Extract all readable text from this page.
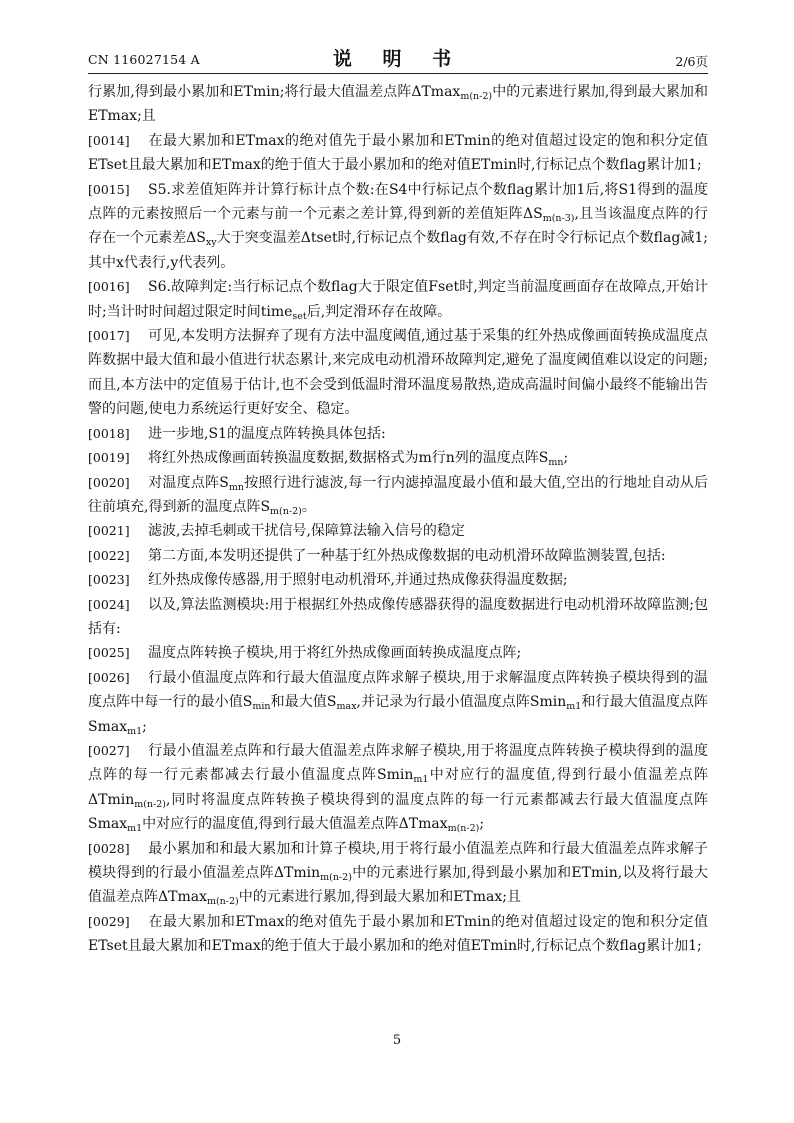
CN 116027154 A	说 明 书	2/6页

行累加,得到最小累加和ETmin;将行最大值温差点阵ΔTmax$_{m(n-2)}$中的元素进行累加,得到最大累加和ETmax;且

[0014] 在最大累加和ETmax的绝对值先于最小累加和ETmin的绝对值超过设定的饱和积分定值ETset且最大累加和ETmax的绝于值大于最小累加和的绝对值ETmin时,行标记点个数flag累计加1;

[0015] S5.求差值矩阵并计算行标计点个数:在S4中行标记点个数flag累计加1后,将S1得到的温度点阵的元素按照后一个元素与前一个元素之差计算,得到新的差值矩阵$\Delta S_{m(n-3)}$,且当该温度点阵的行存在一个元素差$\Delta S_{xy}$大于突变温差Δtset时,行标记点个数flag有效,不存在时令行标记点个数flag减1;其中x代表行,y代表列。

[0016] S6.故障判定:当行标记点个数flag大于限定值Fset时,判定当前温度画面存在故障点,开始计时;当计时时间超过限定时间time$_{set}$后,判定滑环存在故障。

[0017] 可见,本发明方法摒弃了现有方法中温度阈值,通过基于采集的红外热成像画面转换成温度点阵数据中最大值和最小值进行状态累计,来完成电动机滑环故障判定,避免了温度阈值难以设定的问题;而且,本方法中的定值易于估计,也不会受到低温时滑环温度易散热,造成高温时间偏小最终不能输出告警的问题,使电力系统运行更好安全、稳定。

[0018] 进一步地,S1的温度点阵转换具体包括:

[0019] 将红外热成像画面转换温度数据,数据格式为m行n列的温度点阵$S_{mn}$;

[0020] 对温度点阵$S_{mn}$按照行进行滤波,每一行内滤掉温度最小值和最大值,空出的行地址自动从后往前填充,得到新的温度点阵$S_{m(n-2)}$。

[0021] 滤波,去掉毛刺或干扰信号,保障算法输入信号的稳定

[0022] 第二方面,本发明还提供了一种基于红外热成像数据的电动机滑环故障监测装置,包括:

[0023] 红外热成像传感器,用于照射电动机滑环,并通过热成像获得温度数据;

[0024] 以及,算法监测模块:用于根据红外热成像传感器获得的温度数据进行电动机滑环故障监测;包括有:

[0025] 温度点阵转换子模块,用于将红外热成像画面转换成温度点阵;

[0026] 行最小值温度点阵和行最大值温度点阵求解子模块,用于求解温度点阵转换子模块得到的温度点阵中每一行的最小值$S_{min}$和最大值$S_{max}$,并记录为行最小值温度点阵Smin$_{m1}$和行最大值温度点阵Smax$_{m1}$;

[0027] 行最小值温差点阵和行最大值温差点阵求解子模块,用于将温度点阵转换子模块得到的温度点阵的每一行元素都减去行最小值温度点阵Smin$_{m1}$中对应行的温度值,得到行最小值温差点阵ΔTmin$_{m(n-2)}$,同时将温度点阵转换子模块得到的温度点阵的每一行元素都减去行最大值温度点阵Smax$_{m1}$中对应行的温度值,得到行最大值温差点阵ΔTmax$_{m(n-2)}$;

[0028] 最小累加和和最大累加和计算子模块,用于将行最小值温差点阵和行最大值温差点阵求解子模块得到的行最小值温差点阵ΔTmin$_{m(n-2)}$中的元素进行累加,得到最小累加和ETmin,以及将行最大值温差点阵ΔTmax$_{m(n-2)}$中的元素进行累加,得到最大累加和ETmax;且

[0029] 在最大累加和ETmax的绝对值先于最小累加和ETmin的绝对值超过设定的饱和积分定值ETset且最大累加和ETmax的绝于值大于最小累加和的绝对值ETmin时,行标记点个数flag累计加1;

5
